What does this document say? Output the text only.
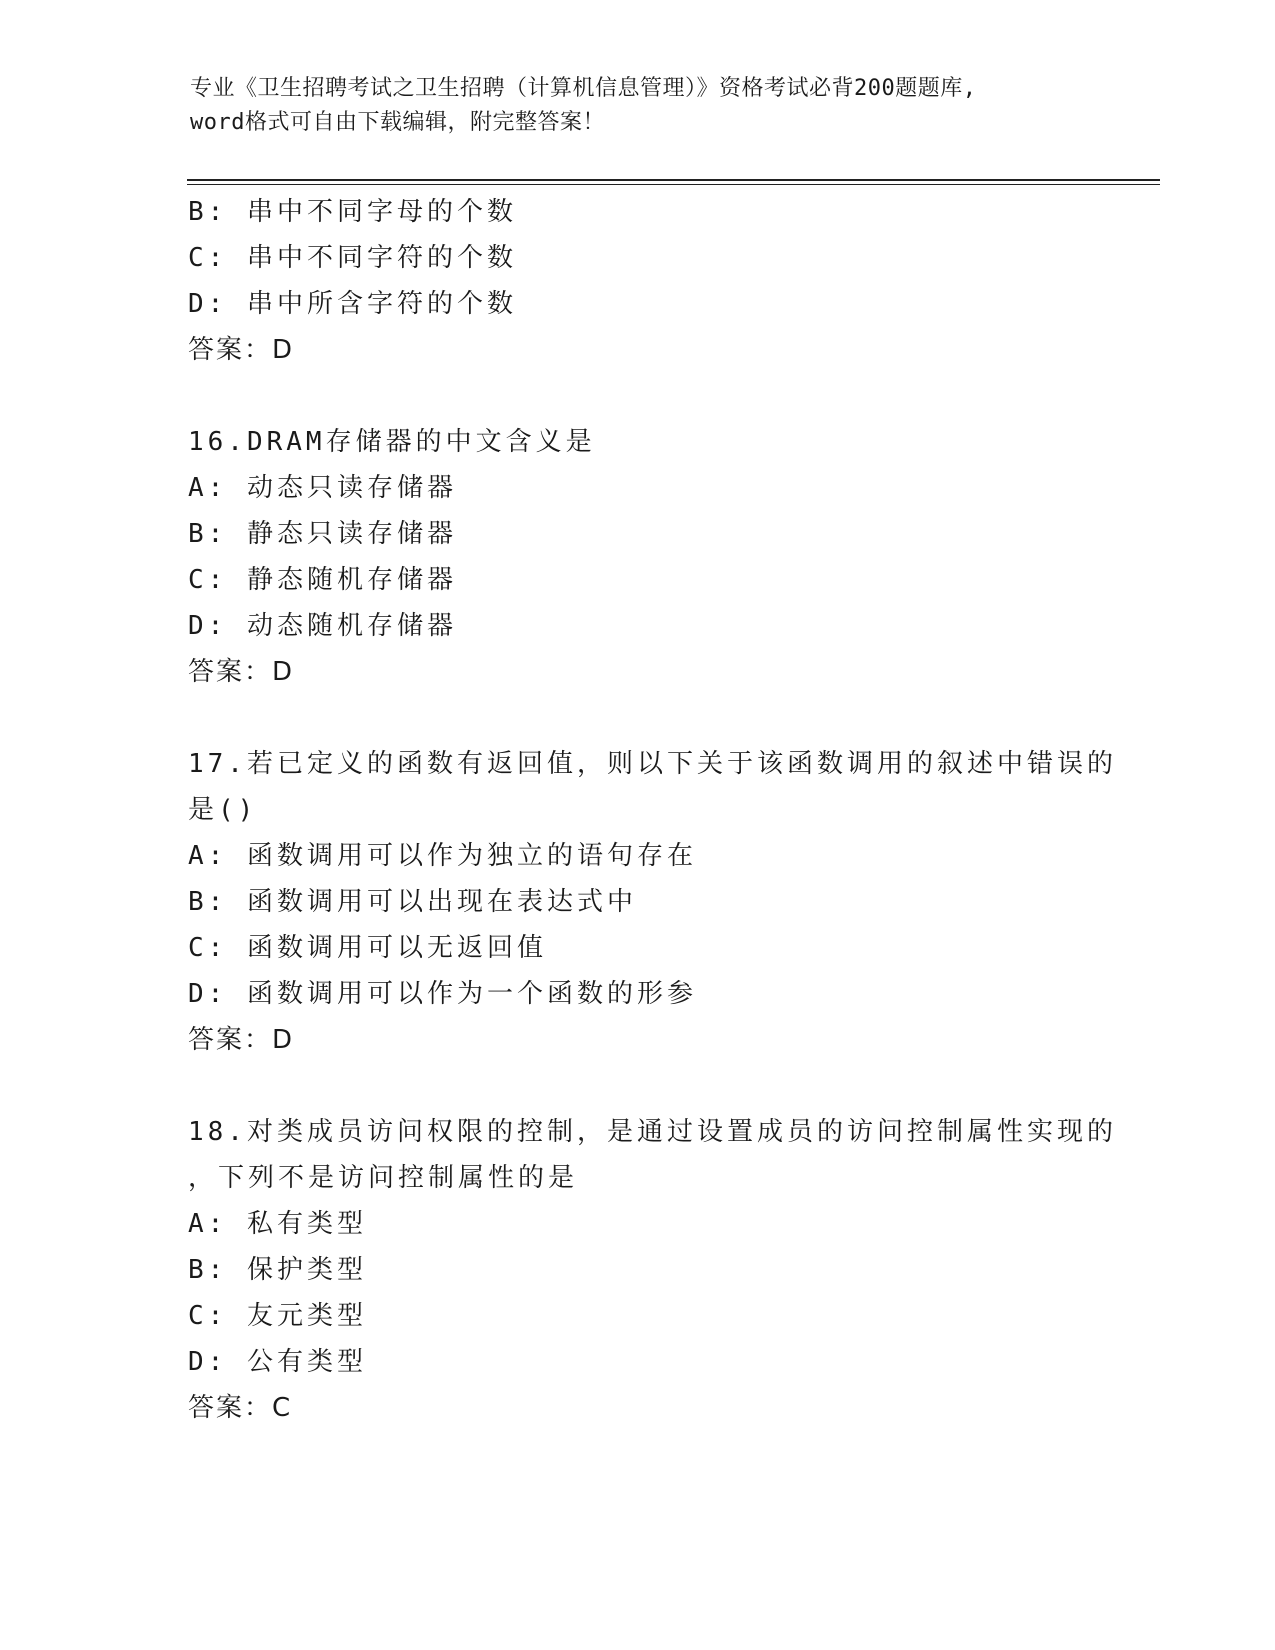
专业《卫生招聘考试之卫生招聘（计算机信息管理）》资格考试必背200题题库,
word格式可自由下载编辑，附完整答案！
B: 串中不同字母的个数
C: 串中不同字符的个数
D: 串中所含字符的个数
答案：D
16.DRAM存储器的中文含义是
A: 动态只读存储器
B: 静态只读存储器
C: 静态随机存储器
D: 动态随机存储器
答案：D
17.若已定义的函数有返回值，则以下关于该函数调用的叙述中错误的
是()
A: 函数调用可以作为独立的语句存在
B: 函数调用可以出现在表达式中
C: 函数调用可以无返回值
D: 函数调用可以作为一个函数的形参
答案：D
18.对类成员访问权限的控制，是通过设置成员的访问控制属性实现的
，下列不是访问控制属性的是
A: 私有类型
B: 保护类型
C: 友元类型
D: 公有类型
答案：C
